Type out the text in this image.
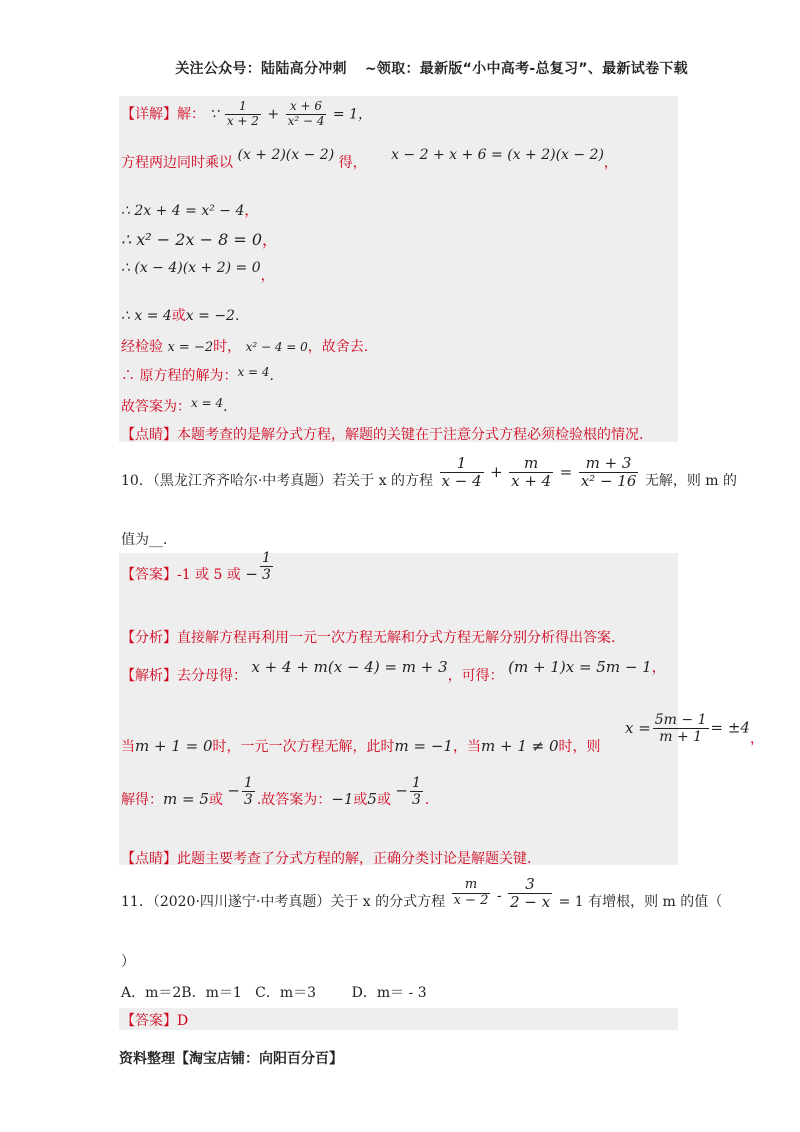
关注公众号：陆陆高分冲刺 ~领取：最新版“小中高考-总复习”、最新试卷下载
【详解】解： ∵ $\frac{1}{x + 2} + \frac{x + 6}{\text{x² − 4}} = 1$，
方程两边同时乘以 (x + 2)(x − 2) 得， x − 2 + x + 6 = (x + 2)(x − 2)，
∴ 2x + 4 = x² − 4，
∴ x² − 2x − 8 = 0，
∴ (x − 4)(x + 2) = 0，
∴ x = 4或x = −2.
经检验 x = −2时， x² − 4 = 0，故舍去.
∴ 原方程的解为：x = 4.
故答案为：x = 4.
【点睛】本题考查的是解分式方程，解题的关键在于注意分式方程必须检验根的情况.
10．（黑龙江齐齐哈尔·中考真题）若关于 x 的方程 $\frac{1}{x - 4} + \frac{m}{x + 4} = \frac{m + 3}{\text{x² − 16}}$ 无解，则 m 的
值为__.
【答案】-1 或 5 或 − $\frac{1}{3}$
【分析】直接解方程再利用一元一次方程无解和分式方程无解分别分析得出答案.
【解析】去分母得： x + 4 + m(x − 4) = m + 3，可得： (m + 1)x = 5m − 1，
当m + 1 = 0时，一元一次方程无解，此时m = −1，当m + 1 ≠ 0时，则 $x = \frac{5m - 1}{m + 1} = \pm 4$，
解得：m = 5或 − $\frac{1}{3}$ .故答案为：−1或5或 − $\frac{1}{3}$ .
【点睛】此题主要考查了分式方程的解，正确分类讨论是解题关键.
11．（2020·四川遂宁·中考真题）关于 x 的分式方程 $\frac{m}{x - 2} - \frac{3}{2 - x} = 1$ 有增根，则 m 的值（
）
A．m＝2B．m＝1   C．m＝3        D．m＝ - 3
【答案】D
资料整理【淘宝店铺：向阳百分百】
